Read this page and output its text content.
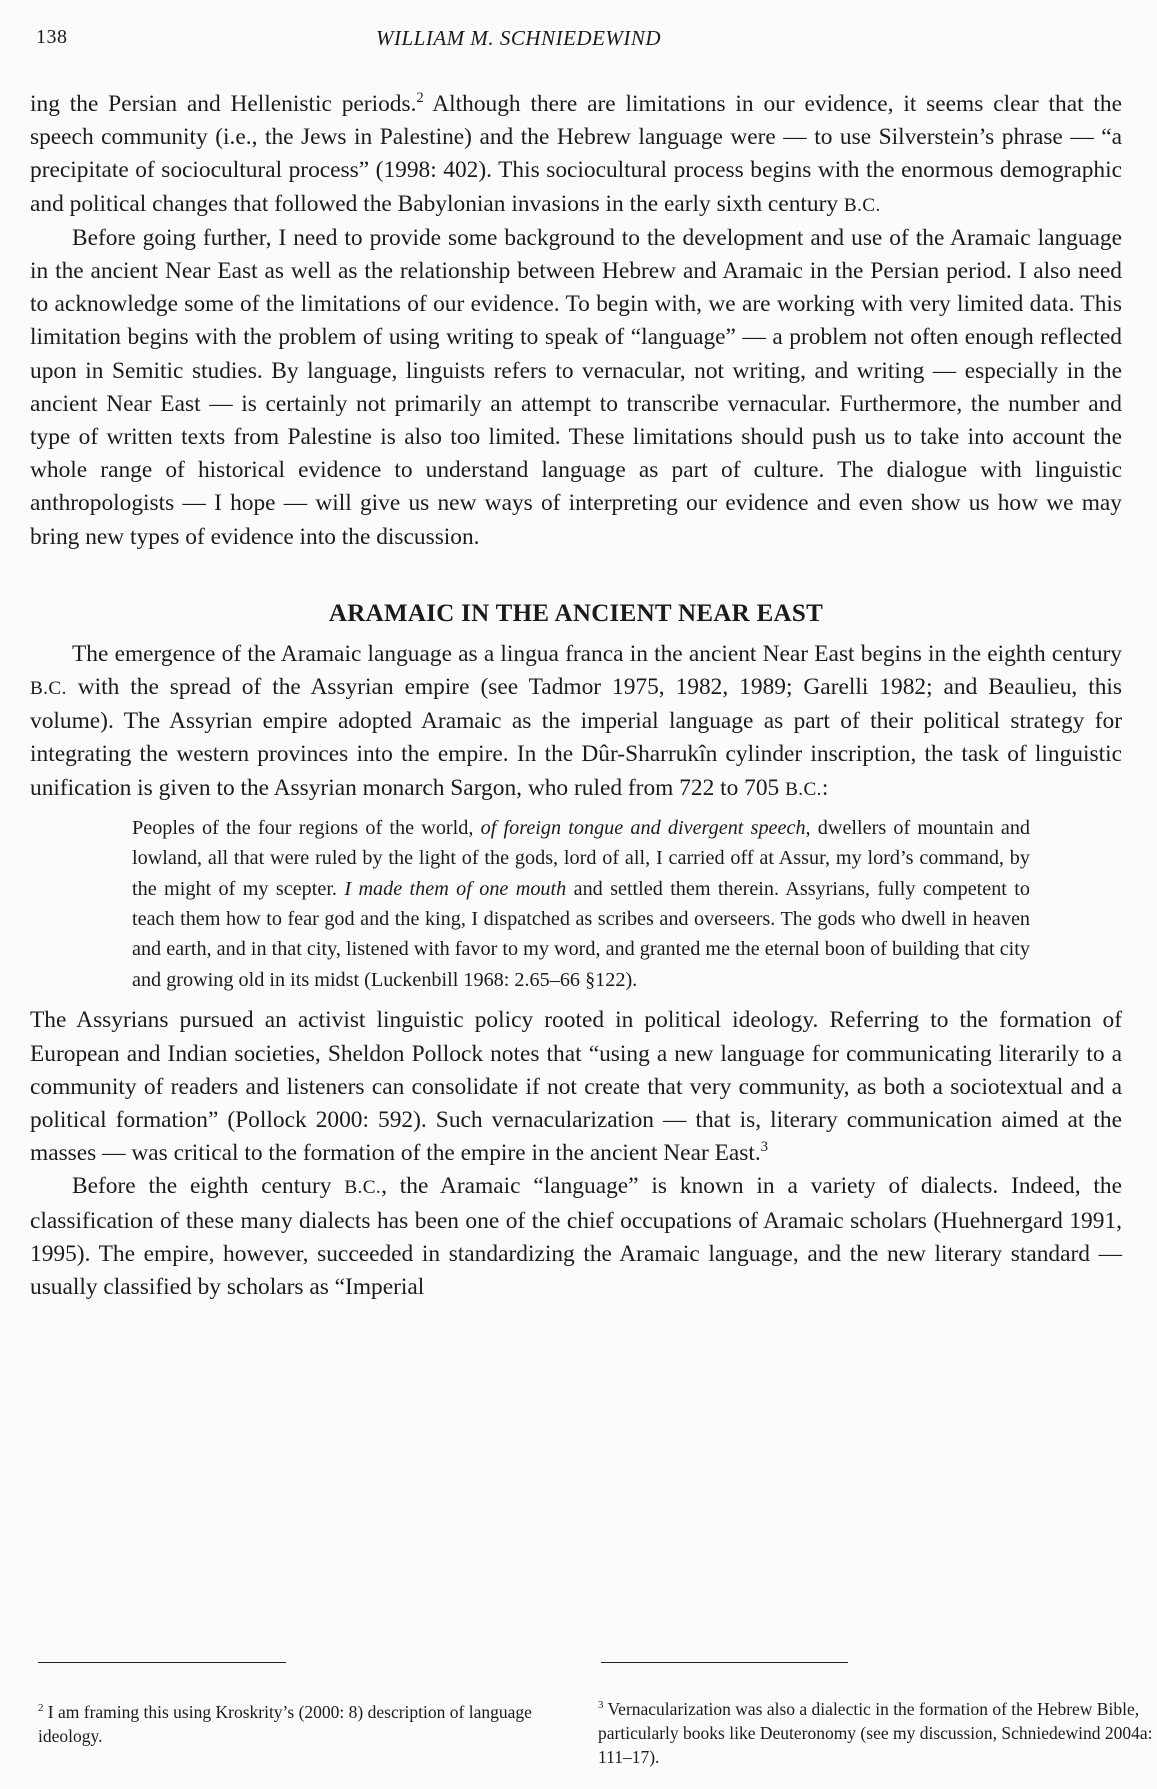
138	WILLIAM M. SCHNIEDEWIND

ing the Persian and Hellenistic periods.$^2$ Although there are limitations in our evidence, it seems clear that the speech community (i.e., the Jews in Palestine) and the Hebrew language were — to use Silverstein’s phrase — “a precipitate of sociocultural process” (1998: 402). This sociocultural process begins with the enormous demographic and political changes that followed the Babylonian invasions in the early sixth century B.C.

Before going further, I need to provide some background to the development and use of the Aramaic language in the ancient Near East as well as the relationship between Hebrew and Aramaic in the Persian period. I also need to acknowledge some of the limitations of our evidence. To begin with, we are working with very limited data. This limitation begins with the problem of using writing to speak of “language” — a problem not often enough reflected upon in Semitic studies. By language, linguists refers to vernacular, not writing, and writing — especially in the ancient Near East — is certainly not primarily an attempt to transcribe vernacular. Furthermore, the number and type of written texts from Palestine is also too limited. These limitations should push us to take into account the whole range of historical evidence to understand language as part of culture. The dialogue with linguistic anthropologists — I hope — will give us new ways of interpreting our evidence and even show us how we may bring new types of evidence into the discussion.

ARAMAIC IN THE ANCIENT NEAR EAST

The emergence of the Aramaic language as a lingua franca in the ancient Near East begins in the eighth century B.C. with the spread of the Assyrian empire (see Tadmor 1975, 1982, 1989; Garelli 1982; and Beaulieu, this volume). The Assyrian empire adopted Aramaic as the imperial language as part of their political strategy for integrating the western provinces into the empire. In the Dûr-Sharrukîn cylinder inscription, the task of linguistic unification is given to the Assyrian monarch Sargon, who ruled from 722 to 705 B.C.:

Peoples of the four regions of the world, of foreign tongue and divergent speech, dwellers of mountain and lowland, all that were ruled by the light of the gods, lord of all, I carried off at Assur, my lord’s command, by the might of my scepter. I made them of one mouth and settled them therein. Assyrians, fully competent to teach them how to fear god and the king, I dispatched as scribes and overseers. The gods who dwell in heaven and earth, and in that city, listened with favor to my word, and granted me the eternal boon of building that city and growing old in its midst (Luckenbill 1968: 2.65–66 §122).

The Assyrians pursued an activist linguistic policy rooted in political ideology. Referring to the formation of European and Indian societies, Sheldon Pollock notes that “using a new language for communicating literarily to a community of readers and listeners can consolidate if not create that very community, as both a sociotextual and a political formation” (Pollock 2000: 592). Such vernacularization — that is, literary communication aimed at the masses — was critical to the formation of the empire in the ancient Near East.$^3$

Before the eighth century B.C., the Aramaic “language” is known in a variety of dialects. Indeed, the classification of these many dialects has been one of the chief occupations of Aramaic scholars (Huehnergard 1991, 1995). The empire, however, succeeded in standardizing the Aramaic language, and the new literary standard — usually classified by scholars as “Imperial

$^2$ I am framing this using Kroskrity’s (2000: 8) description of language ideology.
$^3$ Vernacularization was also a dialectic in the formation of the Hebrew Bible, particularly books like Deuteronomy (see my discussion, Schniedewind 2004a: 111–17).
